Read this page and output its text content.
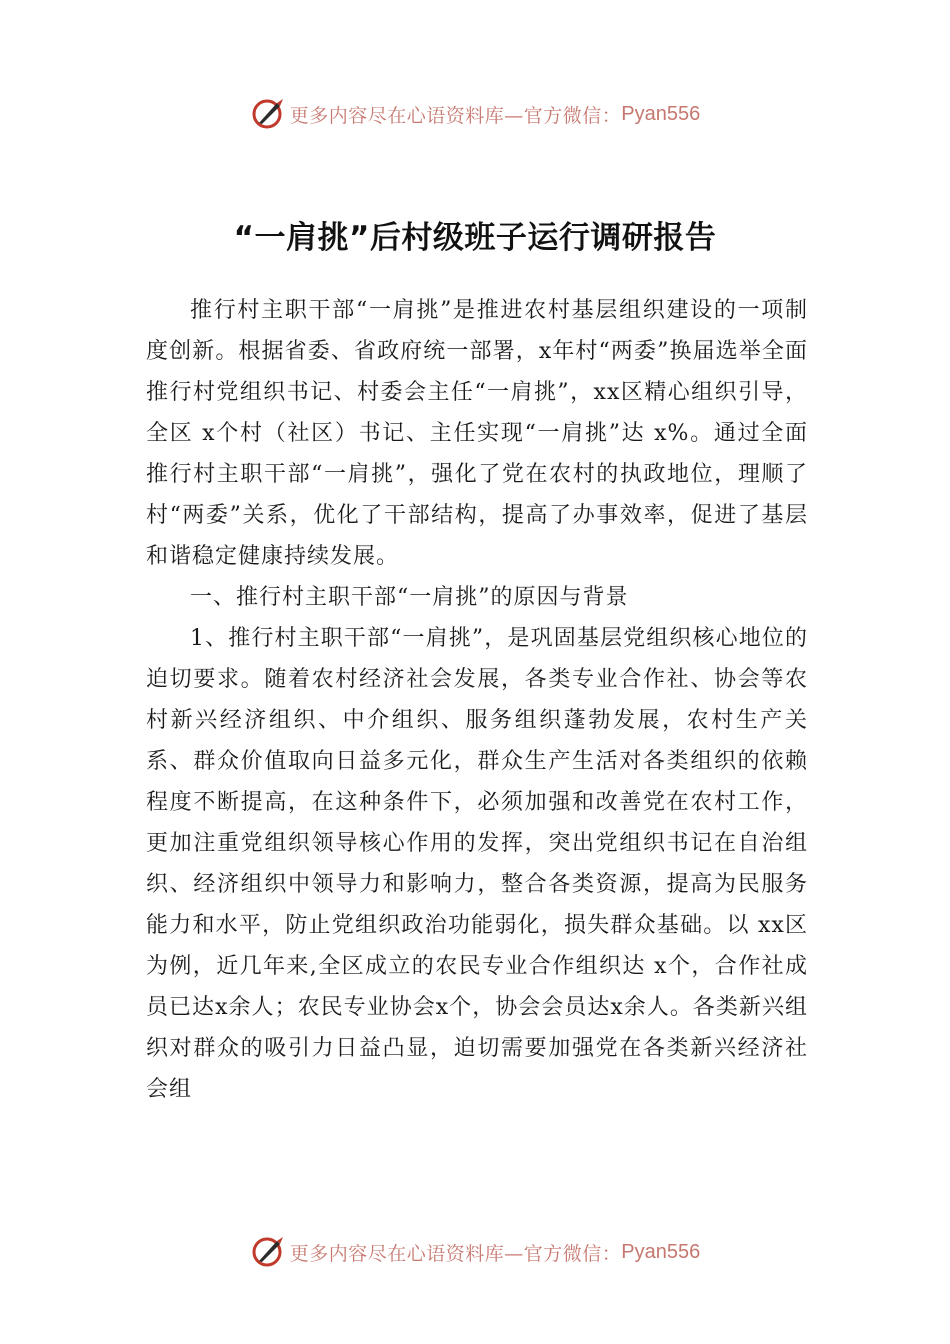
更多内容尽在心语资料库—官方微信： Pyan556
“一肩挑”后村级班子运行调研报告

推行村主职干部“一肩挑”是推进农村基层组织建设的一项制度创新。根据省委、省政府统一部署，x年村“两委”换届选举全面推行村党组织书记、村委会主任“一肩挑”，xx区精心组织引导，全区 x个村（社区）书记、主任实现“一肩挑”达 x%。通过全面推行村主职干部“一肩挑”，强化了党在农村的执政地位，理顺了村“两委”关系，优化了干部结构，提高了办事效率，促进了基层和谐稳定健康持续发展。

一、推行村主职干部“一肩挑”的原因与背景

1、推行村主职干部“一肩挑”，是巩固基层党组织核心地位的迫切要求。随着农村经济社会发展，各类专业合作社、协会等农村新兴经济组织、中介组织、服务组织蓬勃发展，农村生产关系、群众价值取向日益多元化，群众生产生活对各类组织的依赖程度不断提高，在这种条件下，必须加强和改善党在农村工作，更加注重党组织领导核心作用的发挥，突出党组织书记在自治组织、经济组织中领导力和影响力，整合各类资源，提高为民服务能力和水平，防止党组织政治功能弱化，损失群众基础。以 xx区为例，近几年来,全区成立的农民专业合作组织达 x个，合作社成员已达x余人；农民专业协会x个，协会会员达x余人。各类新兴组织对群众的吸引力日益凸显，迫切需要加强党在各类新兴经济社会组

更多内容尽在心语资料库—官方微信： Pyan556
